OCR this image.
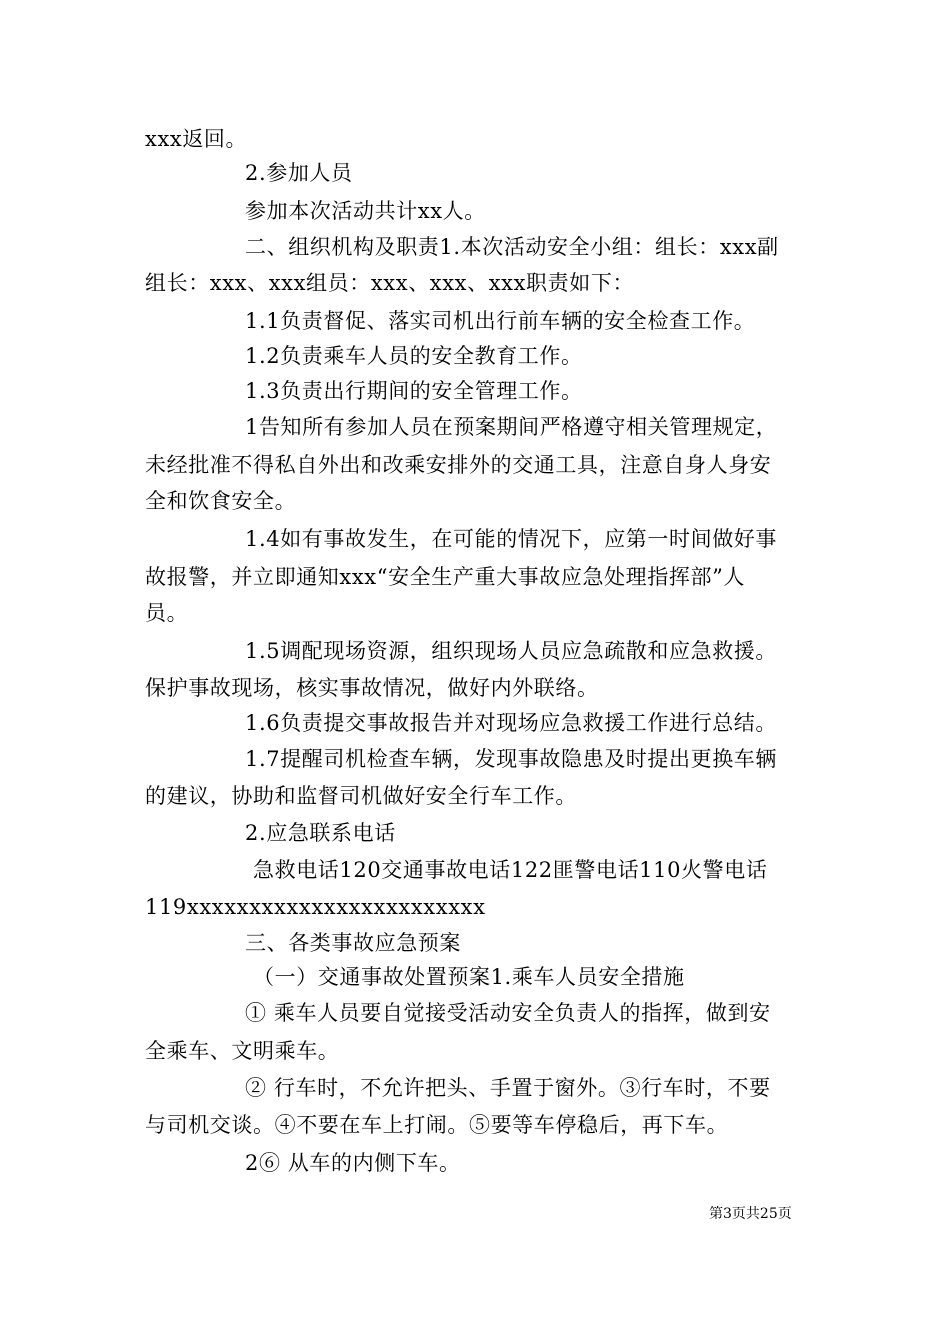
xxx返回。
2.参加人员
参加本次活动共计xx人。
二、组织机构及职责1.本次活动安全小组：组长：xxx副
组长：xxx、xxx组员：xxx、xxx、xxx职责如下：
1.1负责督促、落实司机出行前车辆的安全检查工作。
1.2负责乘车人员的安全教育工作。
1.3负责出行期间的安全管理工作。
1告知所有参加人员在预案期间严格遵守相关管理规定，
未经批准不得私自外出和改乘安排外的交通工具，注意自身人身安
全和饮食安全。
1.4如有事故发生，在可能的情况下，应第一时间做好事
故报警，并立即通知xxx“安全生产重大事故应急处理指挥部”人
员。
1.5调配现场资源，组织现场人员应急疏散和应急救援。
保护事故现场，核实事故情况，做好内外联络。
1.6负责提交事故报告并对现场应急救援工作进行总结。
1.7提醒司机检查车辆，发现事故隐患及时提出更换车辆
的建议，协助和监督司机做好安全行车工作。
2.应急联系电话
急救电话120交通事故电话122匪警电话110火警电话
119xxxxxxxxxxxxxxxxxxxxxxxx
三、各类事故应急预案
（一）交通事故处置预案1.乘车人员安全措施
① 乘车人员要自觉接受活动安全负责人的指挥，做到安
全乘车、文明乘车。
② 行车时，不允许把头、手置于窗外。③行车时，不要
与司机交谈。④不要在车上打闹。⑤要等车停稳后，再下车。
2⑥ 从车的内侧下车。
第3页共25页
